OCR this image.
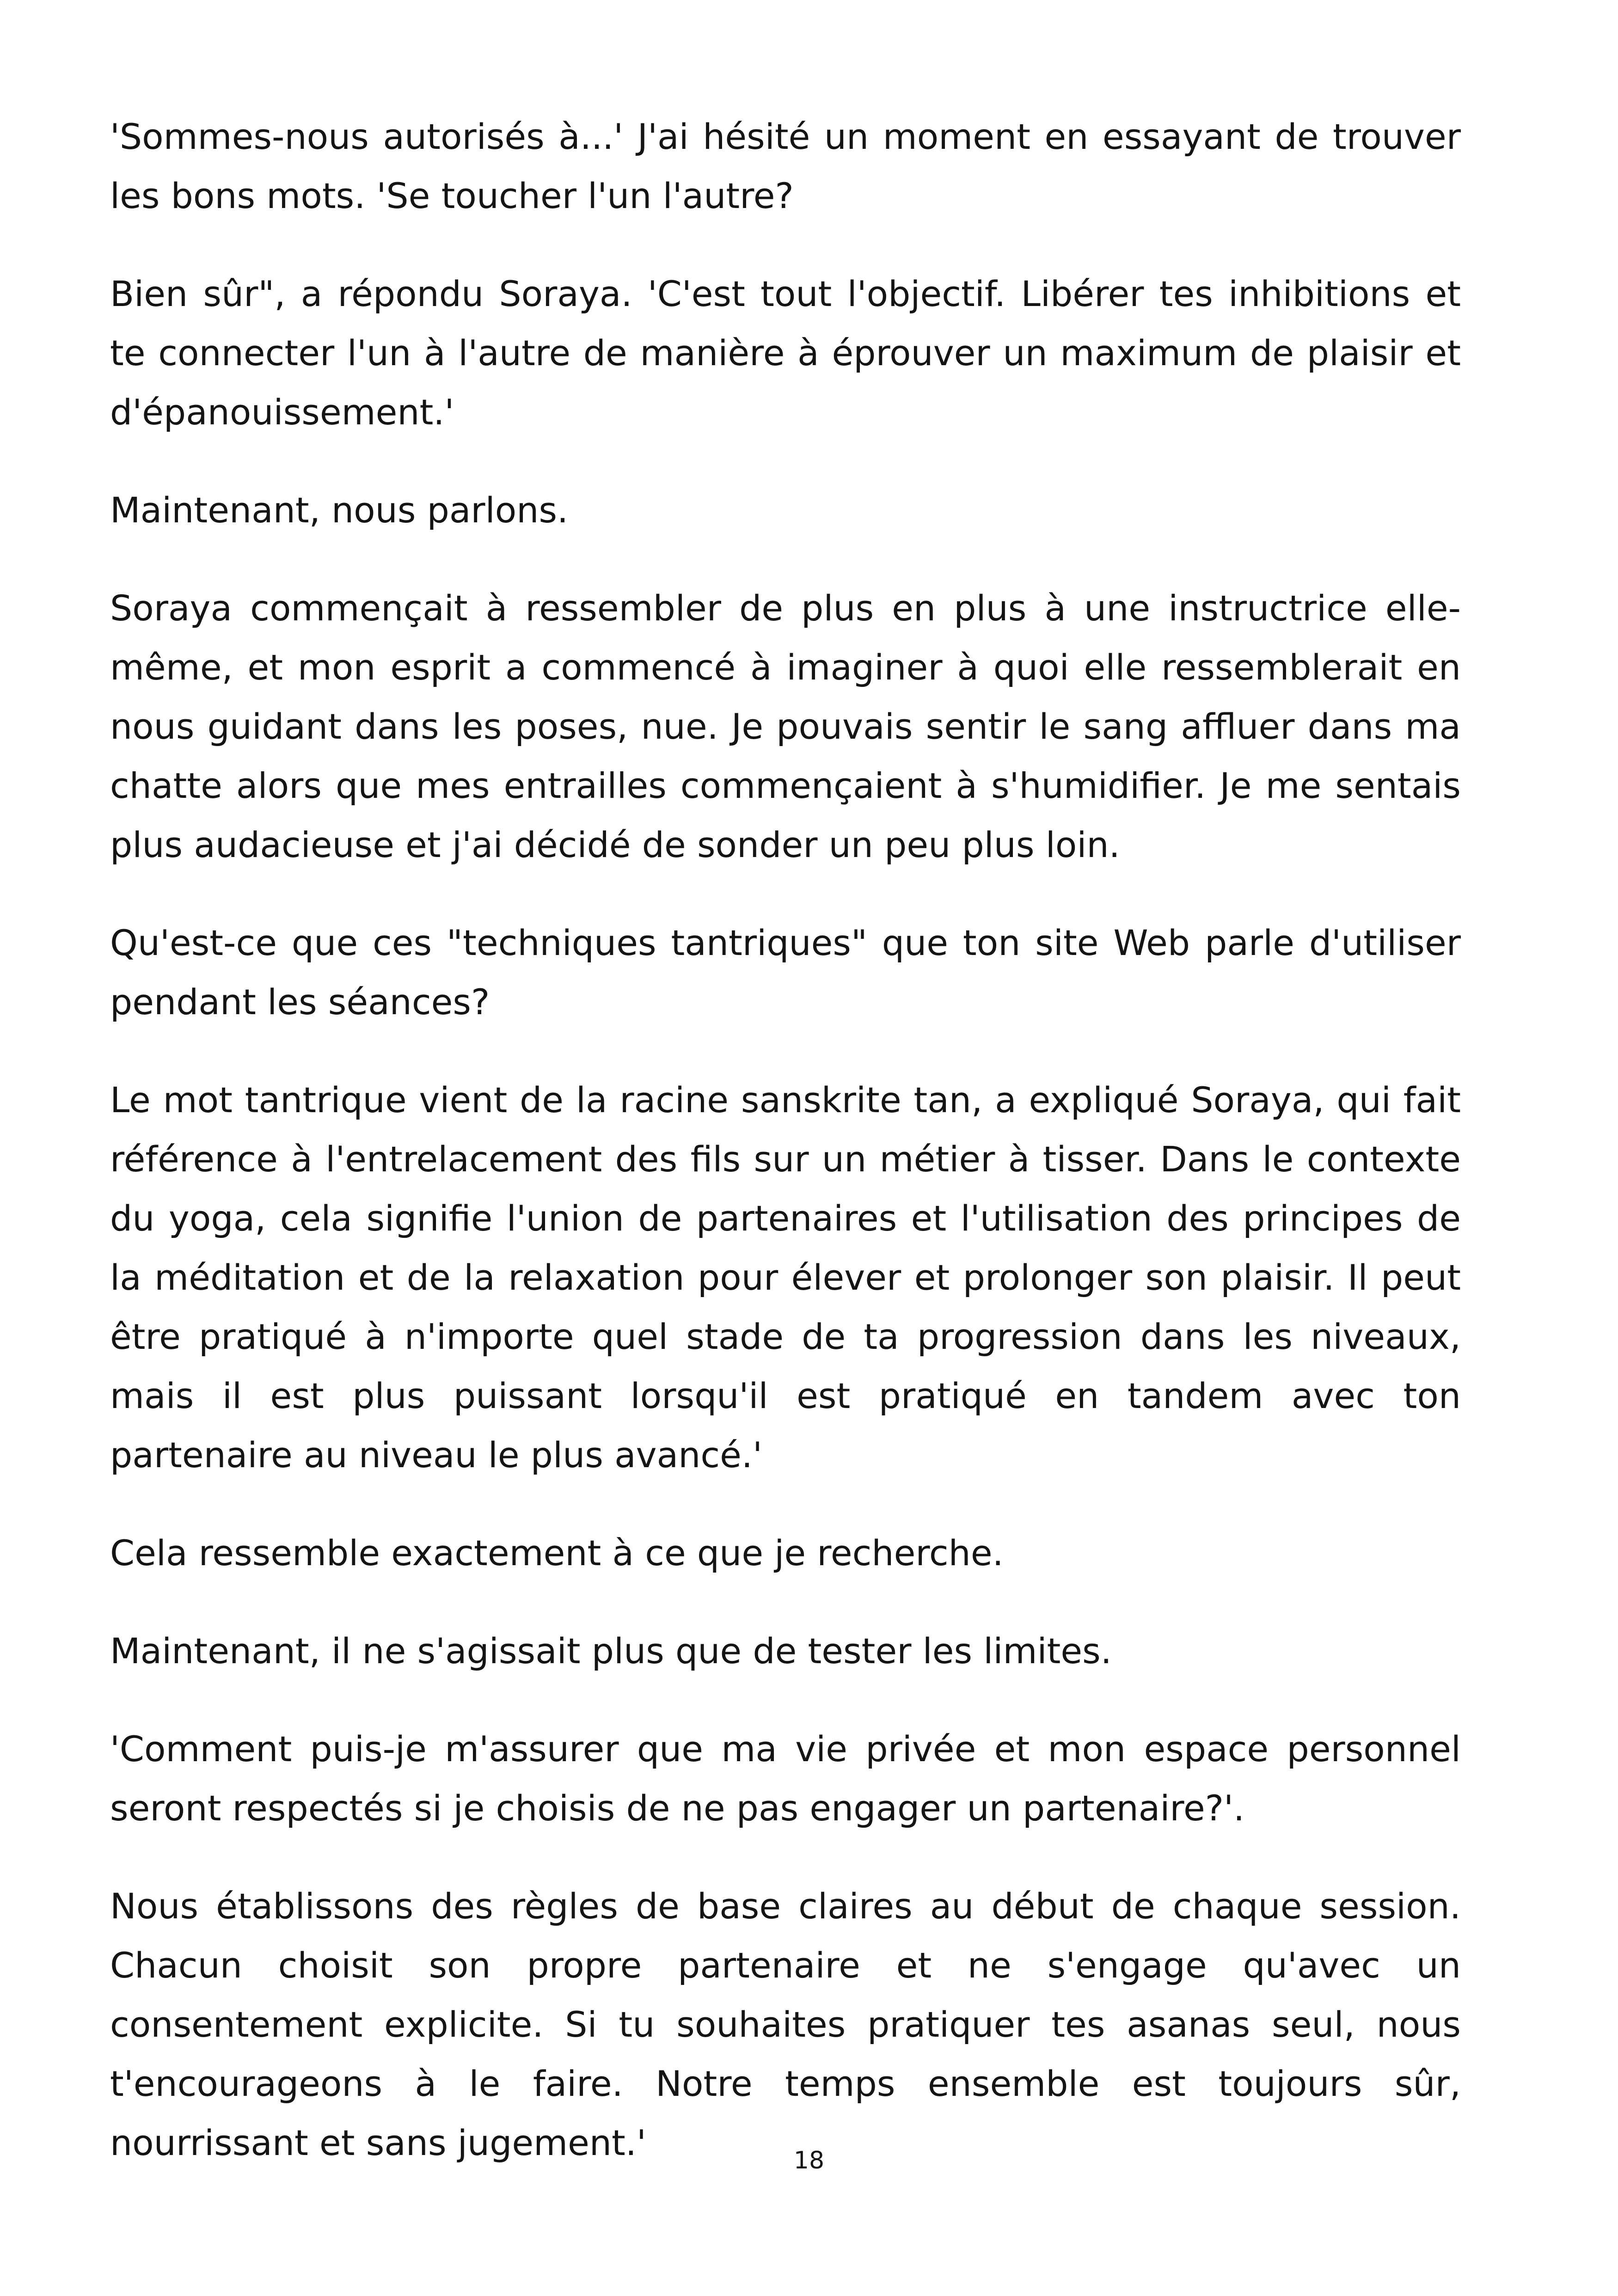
'Sommes-nous autorisés à...' J'ai hésité un moment en essayant de trouver les bons mots. 'Se toucher l'un l'autre?

Bien sûr", a répondu Soraya. 'C'est tout l'objectif. Libérer tes inhibitions et te connecter l'un à l'autre de manière à éprouver un maximum de plaisir et d'épanouissement.'

Maintenant, nous parlons.

Soraya commençait à ressembler de plus en plus à une instructrice elle-même, et mon esprit a commencé à imaginer à quoi elle ressemblerait en nous guidant dans les poses, nue. Je pouvais sentir le sang affluer dans ma chatte alors que mes entrailles commençaient à s'humidifier. Je me sentais plus audacieuse et j'ai décidé de sonder un peu plus loin.

Qu'est-ce que ces "techniques tantriques" que ton site Web parle d'utiliser pendant les séances?

Le mot tantrique vient de la racine sanskrite tan, a expliqué Soraya, qui fait référence à l'entrelacement des fils sur un métier à tisser. Dans le contexte du yoga, cela signifie l'union de partenaires et l'utilisation des principes de la méditation et de la relaxation pour élever et prolonger son plaisir. Il peut être pratiqué à n'importe quel stade de ta progression dans les niveaux, mais il est plus puissant lorsqu'il est pratiqué en tandem avec ton partenaire au niveau le plus avancé.'

Cela ressemble exactement à ce que je recherche.

Maintenant, il ne s'agissait plus que de tester les limites.

'Comment puis-je m'assurer que ma vie privée et mon espace personnel seront respectés si je choisis de ne pas engager un partenaire?'.

Nous établissons des règles de base claires au début de chaque session. Chacun choisit son propre partenaire et ne s'engage qu'avec un consentement explicite. Si tu souhaites pratiquer tes asanas seul, nous t'encourageons à le faire. Notre temps ensemble est toujours sûr, nourrissant et sans jugement.'	18
